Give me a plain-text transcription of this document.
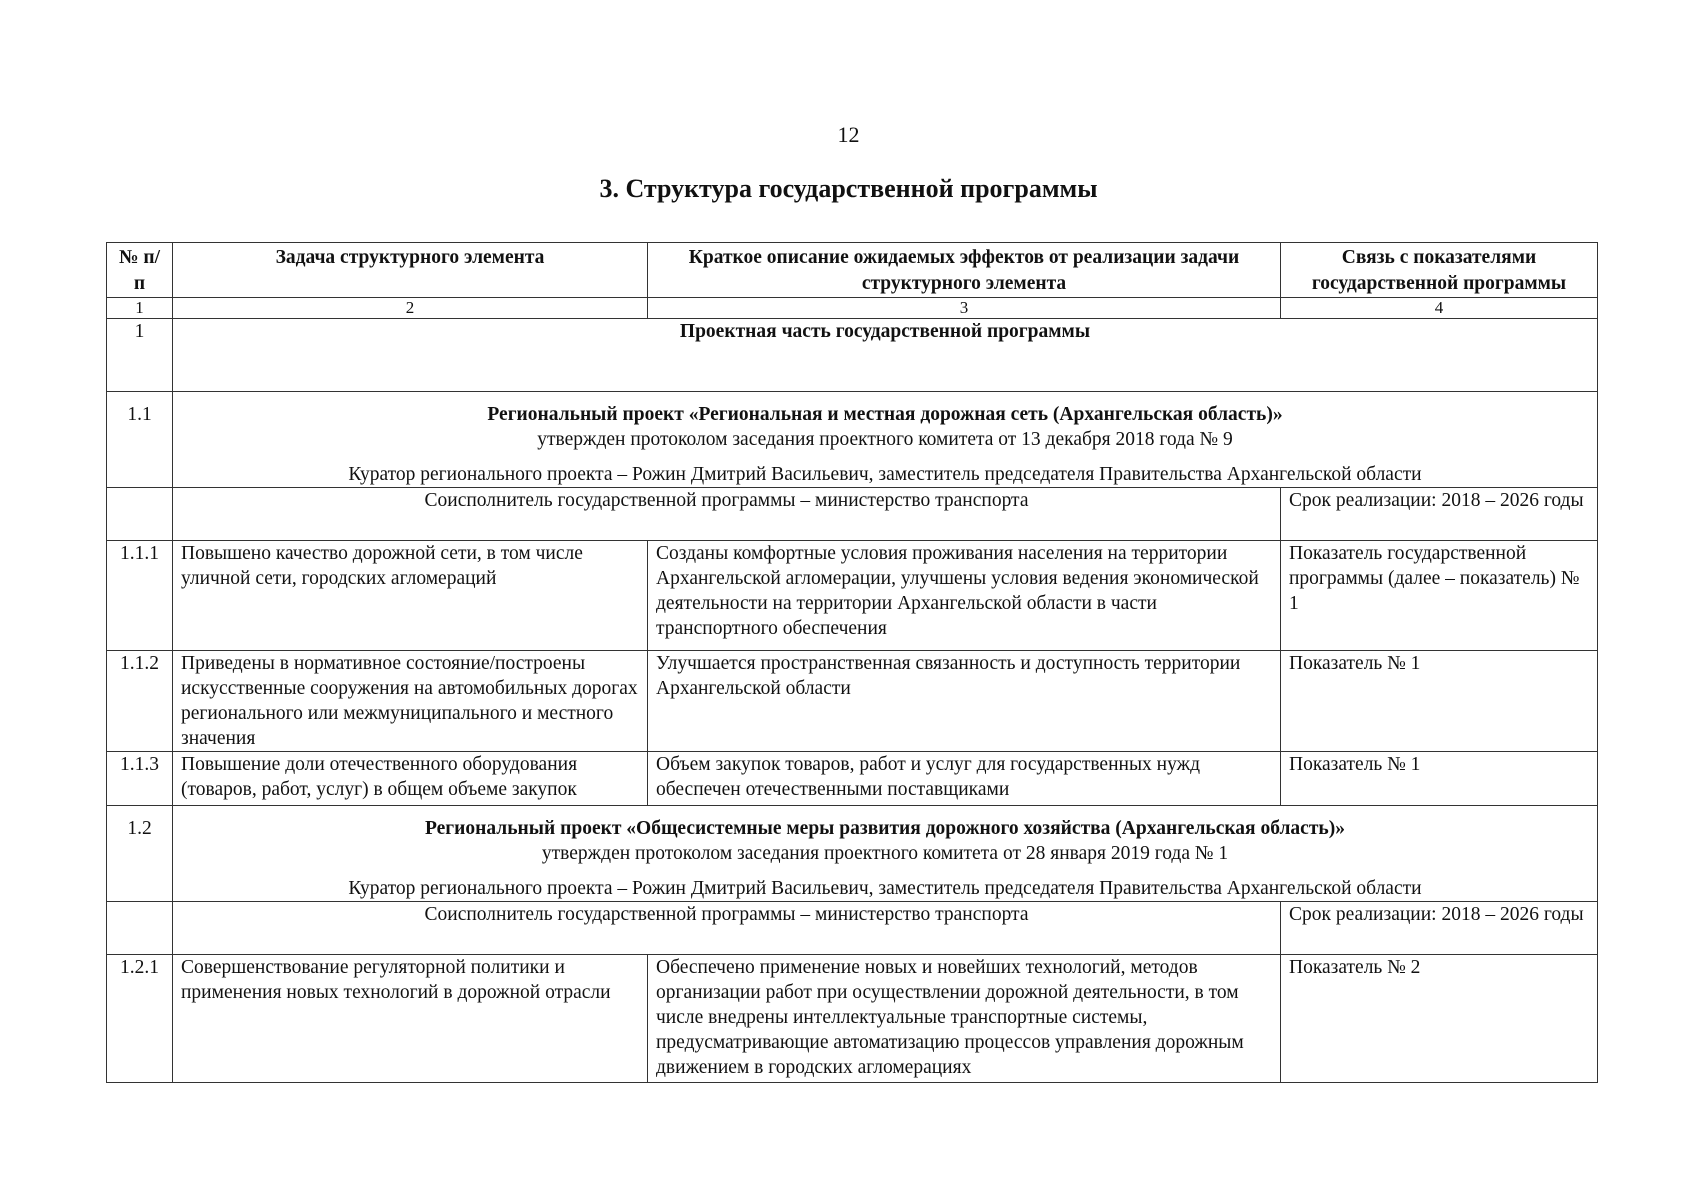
12
3. Структура государственной программы
№ п/п	Задача структурного элемента	Краткое описание ожидаемых эффектов от реализации задачи структурного элемента	Связь с показателями государственной программы
1	2	3	4
1	Проектная часть государственной программы		
1.1	Региональный проект «Региональная и местная дорожная сеть (Архангельская область)»
утвержден протоколом заседания проектного комитета от 13 декабря 2018 года № 9
Куратор регионального проекта – Рожин Дмитрий Васильевич, заместитель председателя Правительства Архангельской области		

	Соисполнитель государственной программы – министерство транспорта		Срок реализации: 2018 – 2026 годы
1.1.1	Повышено качество дорожной сети, в том числе уличной сети, городских агломераций	Созданы комфортные условия проживания населения на территории Архангельской агломерации, улучшены условия ведения экономической деятельности на территории Архангельской области в части транспортного обеспечения	Показатель государственной программы (далее – показатель) № 1
1.1.2	Приведены в нормативное состояние/построены искусственные сооружения на автомобильных дорогах регионального или межмуниципального и местного значения	Улучшается пространственная связанность и доступность территории Архангельской области	Показатель № 1
1.1.3	Повышение доли отечественного оборудования (товаров, работ, услуг) в общем объеме закупок	Объем закупок товаров, работ и услуг для государственных нужд обеспечен отечественными поставщиками	Показатель № 1
1.2	Региональный проект «Общесистемные меры развития дорожного хозяйства (Архангельская область)»
утвержден протоколом заседания проектного комитета от 28 января 2019 года № 1
Куратор регионального проекта – Рожин Дмитрий Васильевич, заместитель председателя Правительства Архангельской области		

	Соисполнитель государственной программы – министерство транспорта		Срок реализации: 2018 – 2026 годы
1.2.1	Совершенствование регуляторной политики и применения новых технологий в дорожной отрасли	Обеспечено применение новых и новейших технологий, методов организации работ при осуществлении дорожной деятельности, в том числе внедрены интеллектуальные транспортные системы, предусматривающие автоматизацию процессов управления дорожным движением в городских агломерациях	Показатель № 2
